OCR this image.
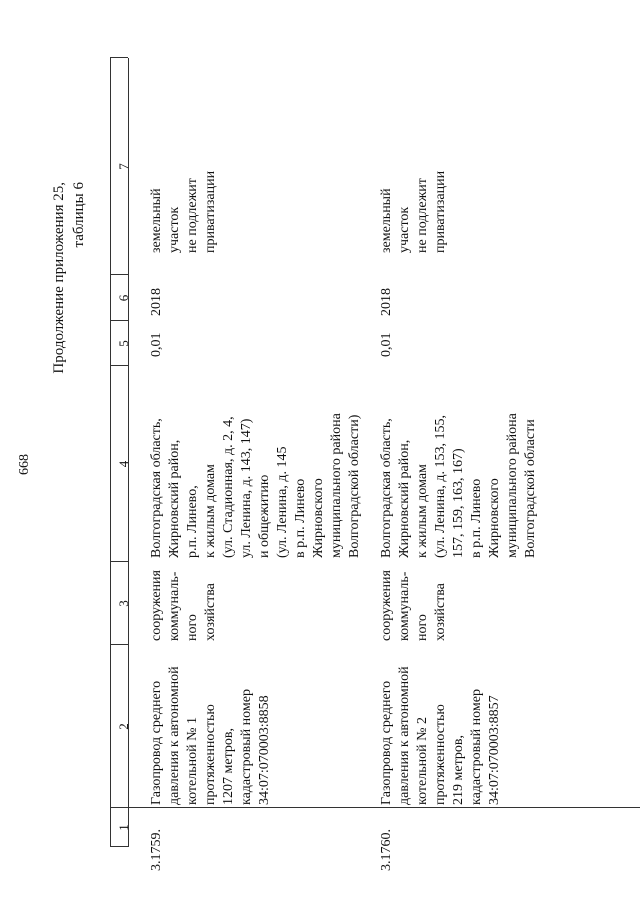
668
Продолжение приложения 25, таблицы 6
1
2
3
4
5
6
7
3.1759.
Газопровод среднего давления к автономной котельной № 1 протяженностью 1207 метров, кадастровый номер 34:07:070003:8858
сооружения коммуналь- ного хозяйства
Волгоградская область, Жирновский район, р.п. Линево, к жилым домам (ул. Стадионная, д. 2, 4, ул. Ленина, д. 143, 147) и общежитию (ул. Ленина, д. 145 в р.п. Линево Жирновского муниципального района Волгоградской области)
0,01
2018
земельный участок не подлежит приватизации
3.1760.
Газопровод среднего давления к автономной котельной № 2 протяженностью 219 метров, кадастровый номер 34:07:070003:8857
сооружения коммуналь- ного хозяйства
Волгоградская область, Жирновский район, к жилым домам (ул. Ленина, д. 153, 155, 157, 159, 163, 167) в р.п. Линево Жирновского муниципального района Волгоградской области
0,01
2018
земельный участок не подлежит приватизации
